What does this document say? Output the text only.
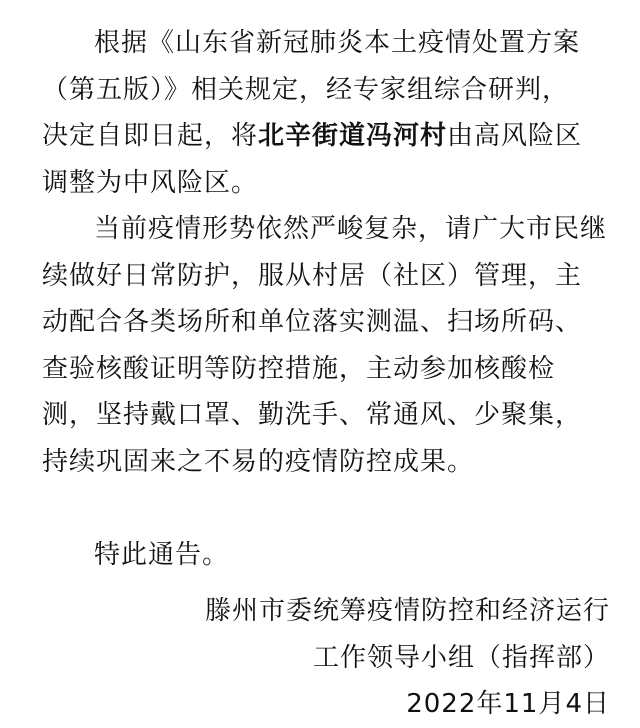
根据《山东省新冠肺炎本土疫情处置方案
（第五版）》相关规定，经专家组综合研判，
决定自即日起，将北辛街道冯河村由高风险区
调整为中风险区。
当前疫情形势依然严峻复杂，请广大市民继
续做好日常防护，服从村居（社区）管理，主
动配合各类场所和单位落实测温、扫场所码、
查验核酸证明等防控措施，主动参加核酸检
测，坚持戴口罩、勤洗手、常通风、少聚集，
持续巩固来之不易的疫情防控成果。
特此通告。
滕州市委统筹疫情防控和经济运行
工作领导小组（指挥部）
2022年11月4日
